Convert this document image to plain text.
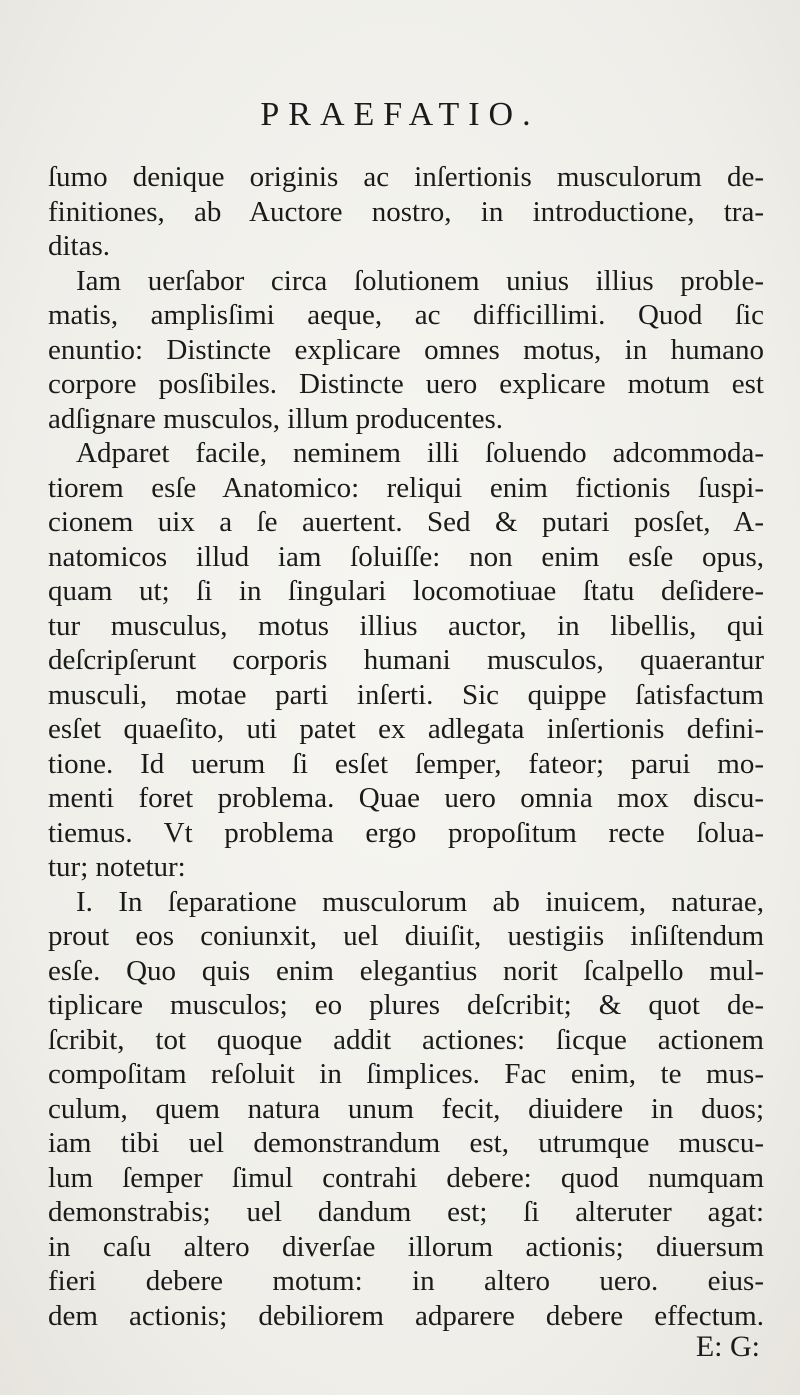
PRAEFATIO.
ſumo denique originis ac inſertionis musculorum de-
finitiones, ab Auctore nostro, in introductione, tra-
ditas.
Iam uerſabor circa ſolutionem unius illius proble-
matis, amplisſimi aeque, ac difficillimi. Quod ſic
enuntio: Distincte explicare omnes motus, in humano
corpore posſibiles. Distincte uero explicare motum est
adſignare musculos, illum producentes.
Adparet facile, neminem illi ſoluendo adcommoda-
tiorem esſe Anatomico: reliqui enim fictionis ſuspi-
cionem uix a ſe auertent. Sed & putari posſet, A-
natomicos illud iam ſoluiſſe: non enim esſe opus,
quam ut; ſi in ſingulari locomotiuae ſtatu deſidere-
tur musculus, motus illius auctor, in libellis, qui
deſcripſerunt corporis humani musculos, quaerantur
musculi, motae parti inſerti. Sic quippe ſatisfactum
esſet quaeſito, uti patet ex adlegata inſertionis defini-
tione. Id uerum ſi esſet ſemper, fateor; parui mo-
menti foret problema. Quae uero omnia mox discu-
tiemus. Vt problema ergo propoſitum recte ſolua-
tur; notetur:
I. In ſeparatione musculorum ab inuicem, naturae,
prout eos coniunxit, uel diuiſit, uestigiis inſiſtendum
esſe. Quo quis enim elegantius norit ſcalpello mul-
tiplicare musculos; eo plures deſcribit; & quot de-
ſcribit, tot quoque addit actiones: ſicque actionem
compoſitam reſoluit in ſimplices. Fac enim, te mus-
culum, quem natura unum fecit, diuidere in duos;
iam tibi uel demonstrandum est, utrumque muscu-
lum ſemper ſimul contrahi debere: quod numquam
demonstrabis; uel dandum est; ſi alteruter agat:
in caſu altero diverſae illorum actionis; diuersum
fieri debere motum: in altero uero. eius-
dem actionis; debiliorem adparere debere effectum.
E: G:
